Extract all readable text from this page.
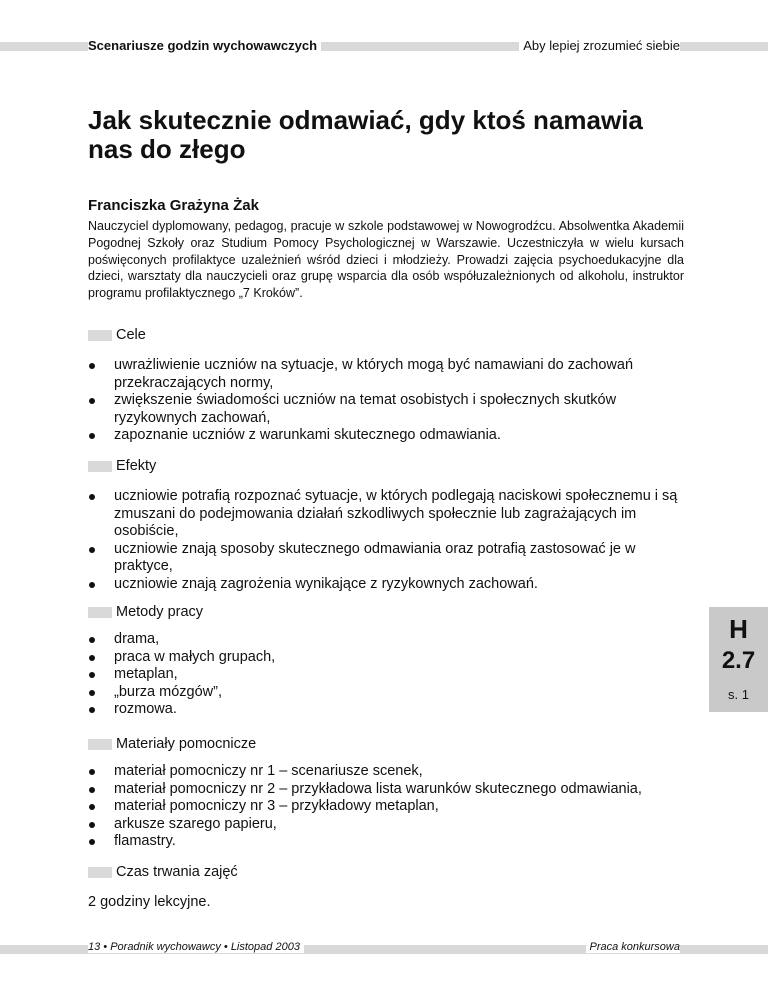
Scenariusze godzin wychowawczych	Aby lepiej zrozumieć siebie
Jak skutecznie odmawiać, gdy ktoś namawia nas do złego
Franciszka Grażyna Żak

Nauczyciel dyplomowany, pedagog, pracuje w szkole podstawowej w Nowogrodźcu. Absolwentka Akademii Pogodnej Szkoły oraz Studium Pomocy Psychologicznej w Warszawie. Uczestniczyła w wielu kursach poświęconych profilaktyce uzależnień wśród dzieci i młodzieży. Prowadzi zajęcia psychoedukacyjne dla dzieci, warsztaty dla nauczycieli oraz grupę wsparcia dla osób współuzależnionych od alkoholu, instruktor programu profilaktycznego „7 Kroków”.

Cele
uwrażliwienie uczniów na sytuacje, w których mogą być namawiani do zachowań przekraczających normy,
zwiększenie świadomości uczniów na temat osobistych i społecznych skutków ryzykownych zachowań,
zapoznanie uczniów z warunkami skutecznego odmawiania.
Efekty
uczniowie potrafią rozpoznać sytuacje, w których podlegają naciskowi społecznemu i są zmuszani do podejmowania działań szkodliwych społecznie lub zagrażających im osobiście,
uczniowie znają sposoby skutecznego odmawiania oraz potrafią zastosować je w praktyce,
uczniowie znają zagrożenia wynikające z ryzykownych zachowań.
Metody pracy
drama,
praca w małych grupach,
metaplan,
„burza mózgów”,
rozmowa.
Materiały pomocnicze
materiał pomocniczy nr 1 – scenariusze scenek,
materiał pomocniczy nr 2 – przykładowa lista warunków skutecznego odmawiania,
materiał pomocniczy nr 3 – przykładowy metaplan,
arkusze szarego papieru,
flamastry.
Czas trwania zajęć
2 godziny lekcyjne.
H
2.7
s. 1
13 • Poradnik wychowawcy • Listopad 2003	Praca konkursowa
